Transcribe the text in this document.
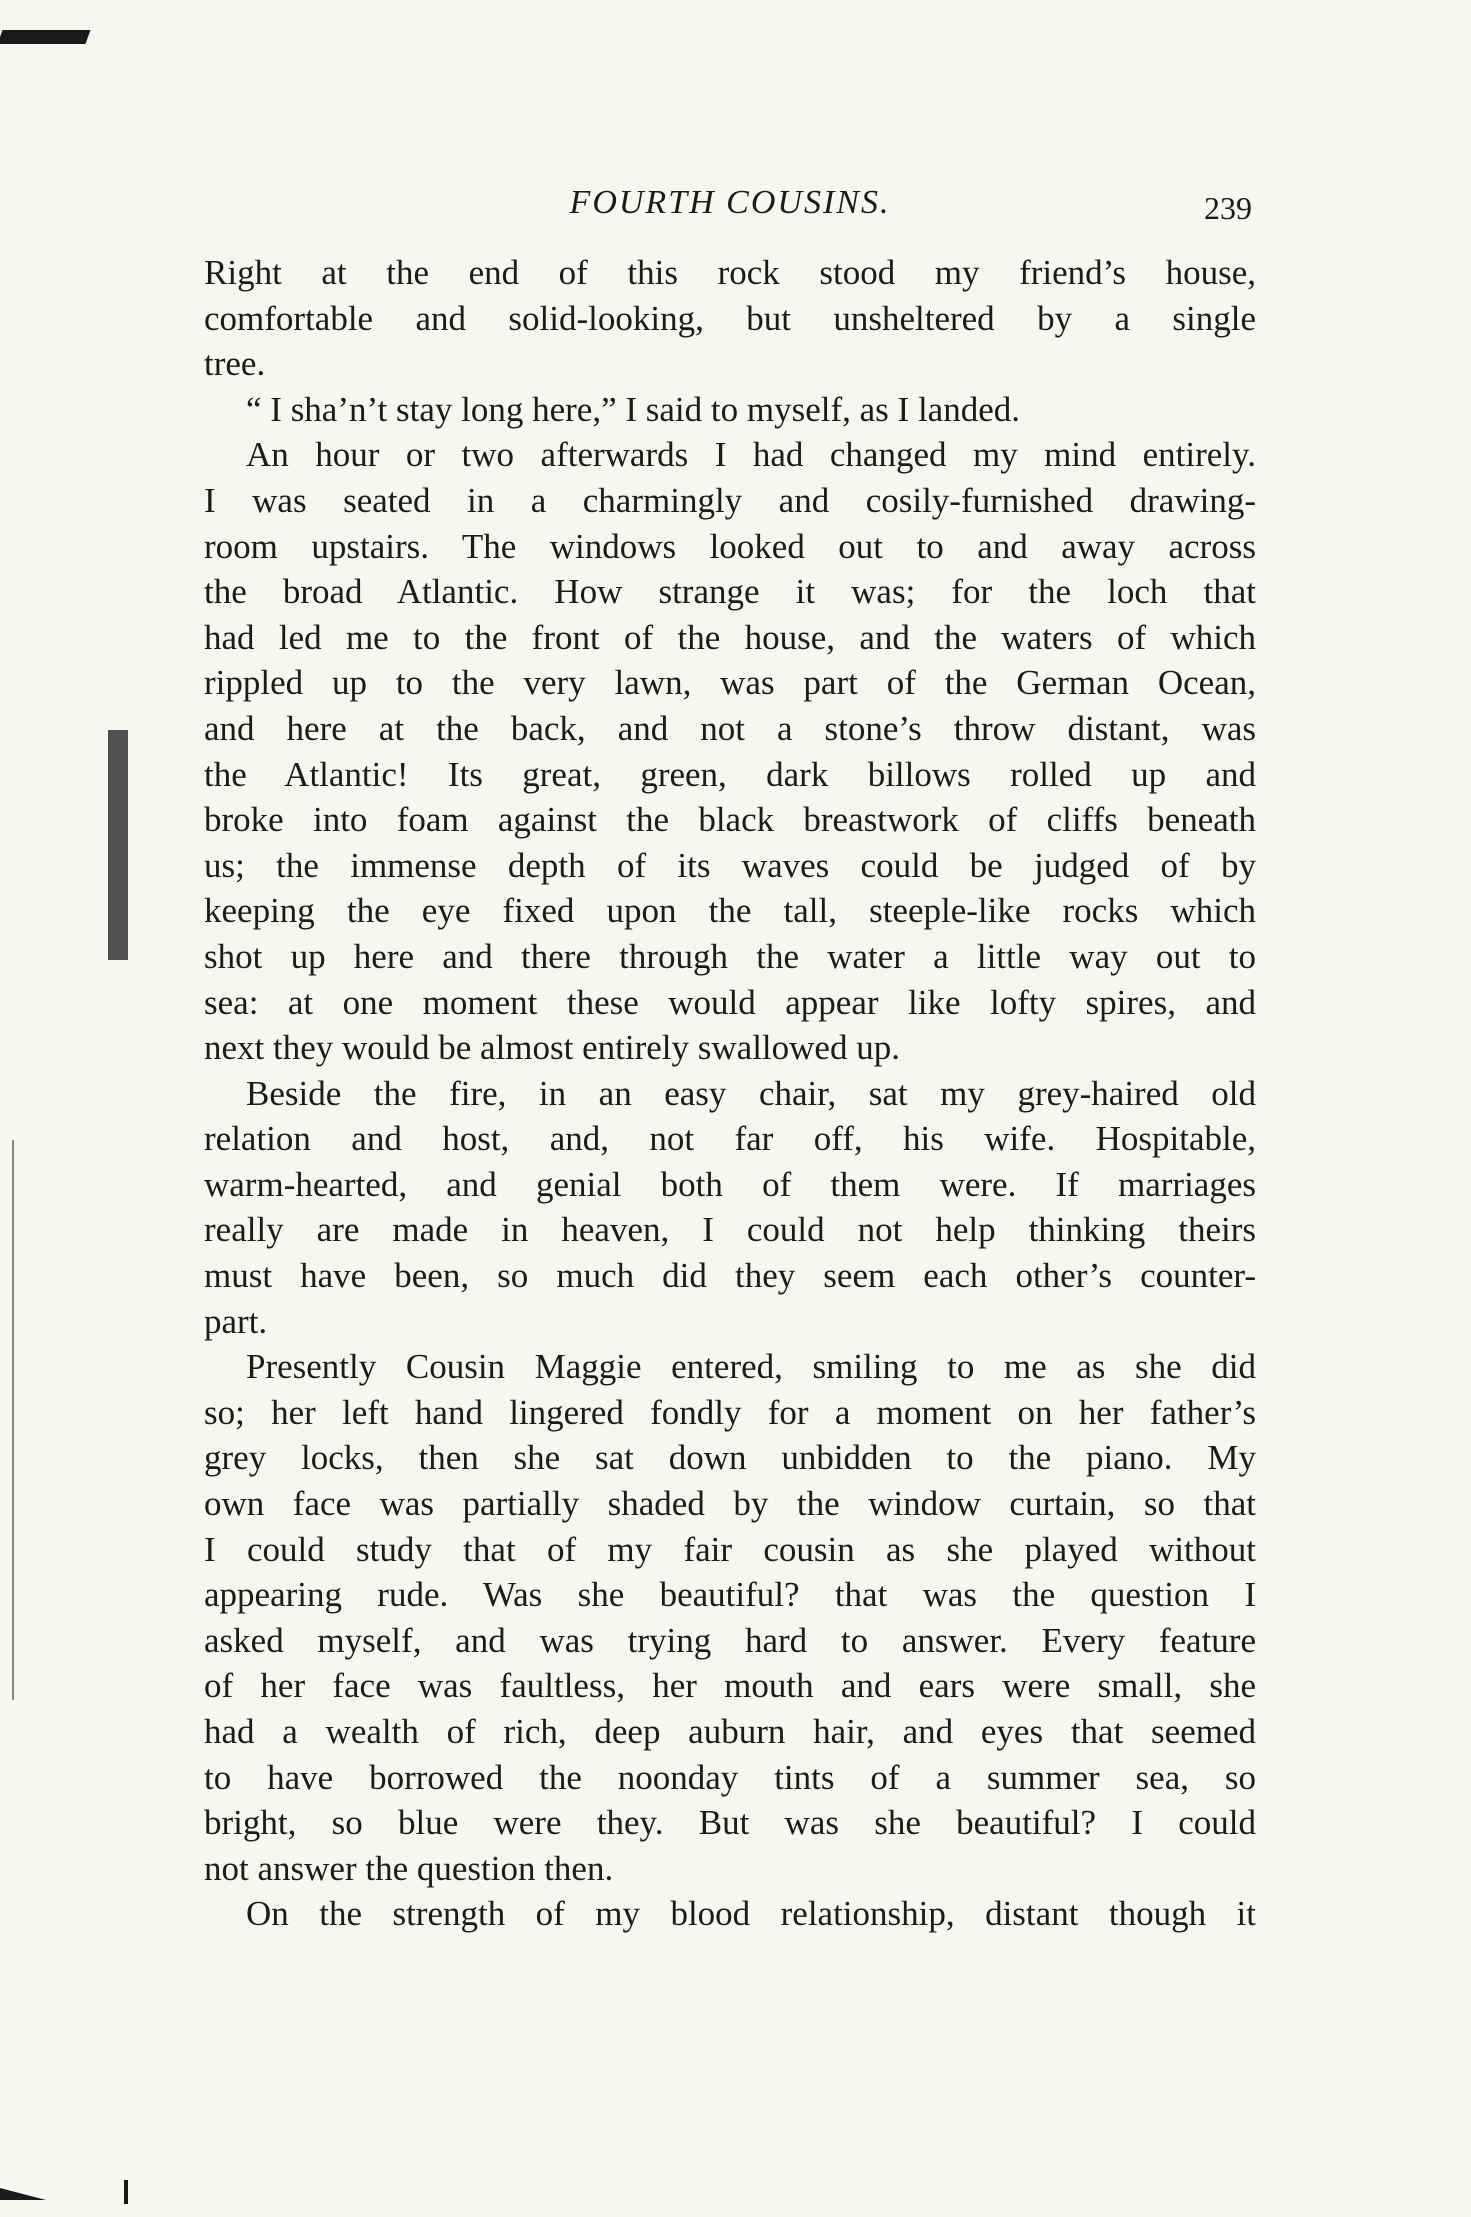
FOURTH COUSINS.	239
Right at the end of this rock stood my friend’s house,
comfortable and solid-looking, but unsheltered by a single
tree.
“ I sha’n’t stay long here,” I said to myself, as I landed.
An hour or two afterwards I had changed my mind entirely.
I was seated in a charmingly and cosily-furnished drawing-
room upstairs. The windows looked out to and away across
the broad Atlantic. How strange it was; for the loch that
had led me to the front of the house, and the waters of which
rippled up to the very lawn, was part of the German Ocean,
and here at the back, and not a stone’s throw distant, was
the Atlantic! Its great, green, dark billows rolled up and
broke into foam against the black breastwork of cliffs beneath
us; the immense depth of its waves could be judged of by
keeping the eye fixed upon the tall, steeple-like rocks which
shot up here and there through the water a little way out to
sea: at one moment these would appear like lofty spires, and
next they would be almost entirely swallowed up.
Beside the fire, in an easy chair, sat my grey-haired old
relation and host, and, not far off, his wife. Hospitable,
warm-hearted, and genial both of them were. If marriages
really are made in heaven, I could not help thinking theirs
must have been, so much did they seem each other’s counter-
part.
Presently Cousin Maggie entered, smiling to me as she did
so; her left hand lingered fondly for a moment on her father’s
grey locks, then she sat down unbidden to the piano. My
own face was partially shaded by the window curtain, so that
I could study that of my fair cousin as she played without
appearing rude. Was she beautiful? that was the question I
asked myself, and was trying hard to answer. Every feature
of her face was faultless, her mouth and ears were small, she
had a wealth of rich, deep auburn hair, and eyes that seemed
to have borrowed the noonday tints of a summer sea, so
bright, so blue were they. But was she beautiful? I could
not answer the question then.
On the strength of my blood relationship, distant though it
